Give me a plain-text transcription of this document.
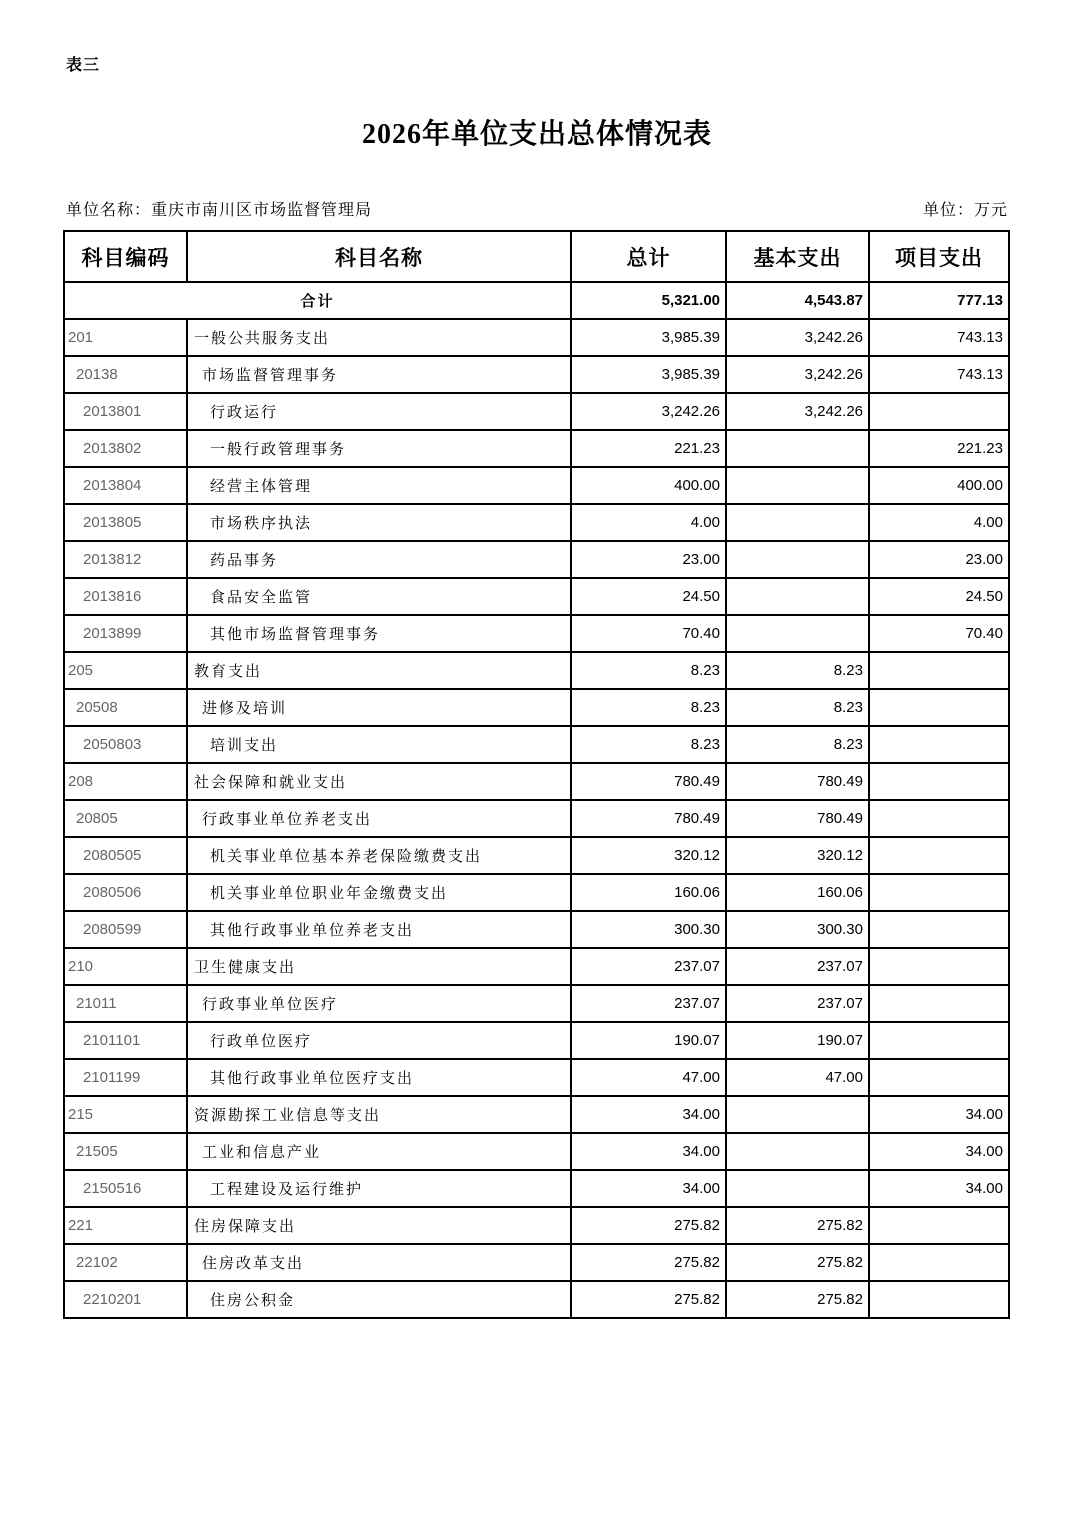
表三
2026年单位支出总体情况表
单位名称：重庆市南川区市场监督管理局	单位：万元
科目编码	科目名称	总计	基本支出	项目支出
合计		5,321.00	4,543.87	777.13
201	一般公共服务支出	3,985.39	3,242.26	743.13
20138	市场监督管理事务	3,985.39	3,242.26	743.13
2013801	行政运行	3,242.26	3,242.26	
2013802	一般行政管理事务	221.23		221.23
2013804	经营主体管理	400.00		400.00
2013805	市场秩序执法	4.00		4.00
2013812	药品事务	23.00		23.00
2013816	食品安全监管	24.50		24.50
2013899	其他市场监督管理事务	70.40		70.40
205	教育支出	8.23	8.23	
20508	进修及培训	8.23	8.23	
2050803	培训支出	8.23	8.23	
208	社会保障和就业支出	780.49	780.49	
20805	行政事业单位养老支出	780.49	780.49	
2080505	机关事业单位基本养老保险缴费支出	320.12	320.12	
2080506	机关事业单位职业年金缴费支出	160.06	160.06	
2080599	其他行政事业单位养老支出	300.30	300.30	
210	卫生健康支出	237.07	237.07	
21011	行政事业单位医疗	237.07	237.07	
2101101	行政单位医疗	190.07	190.07	
2101199	其他行政事业单位医疗支出	47.00	47.00	
215	资源勘探工业信息等支出	34.00		34.00
21505	工业和信息产业	34.00		34.00
2150516	工程建设及运行维护	34.00		34.00
221	住房保障支出	275.82	275.82	
22102	住房改革支出	275.82	275.82	
2210201	住房公积金	275.82	275.82	
